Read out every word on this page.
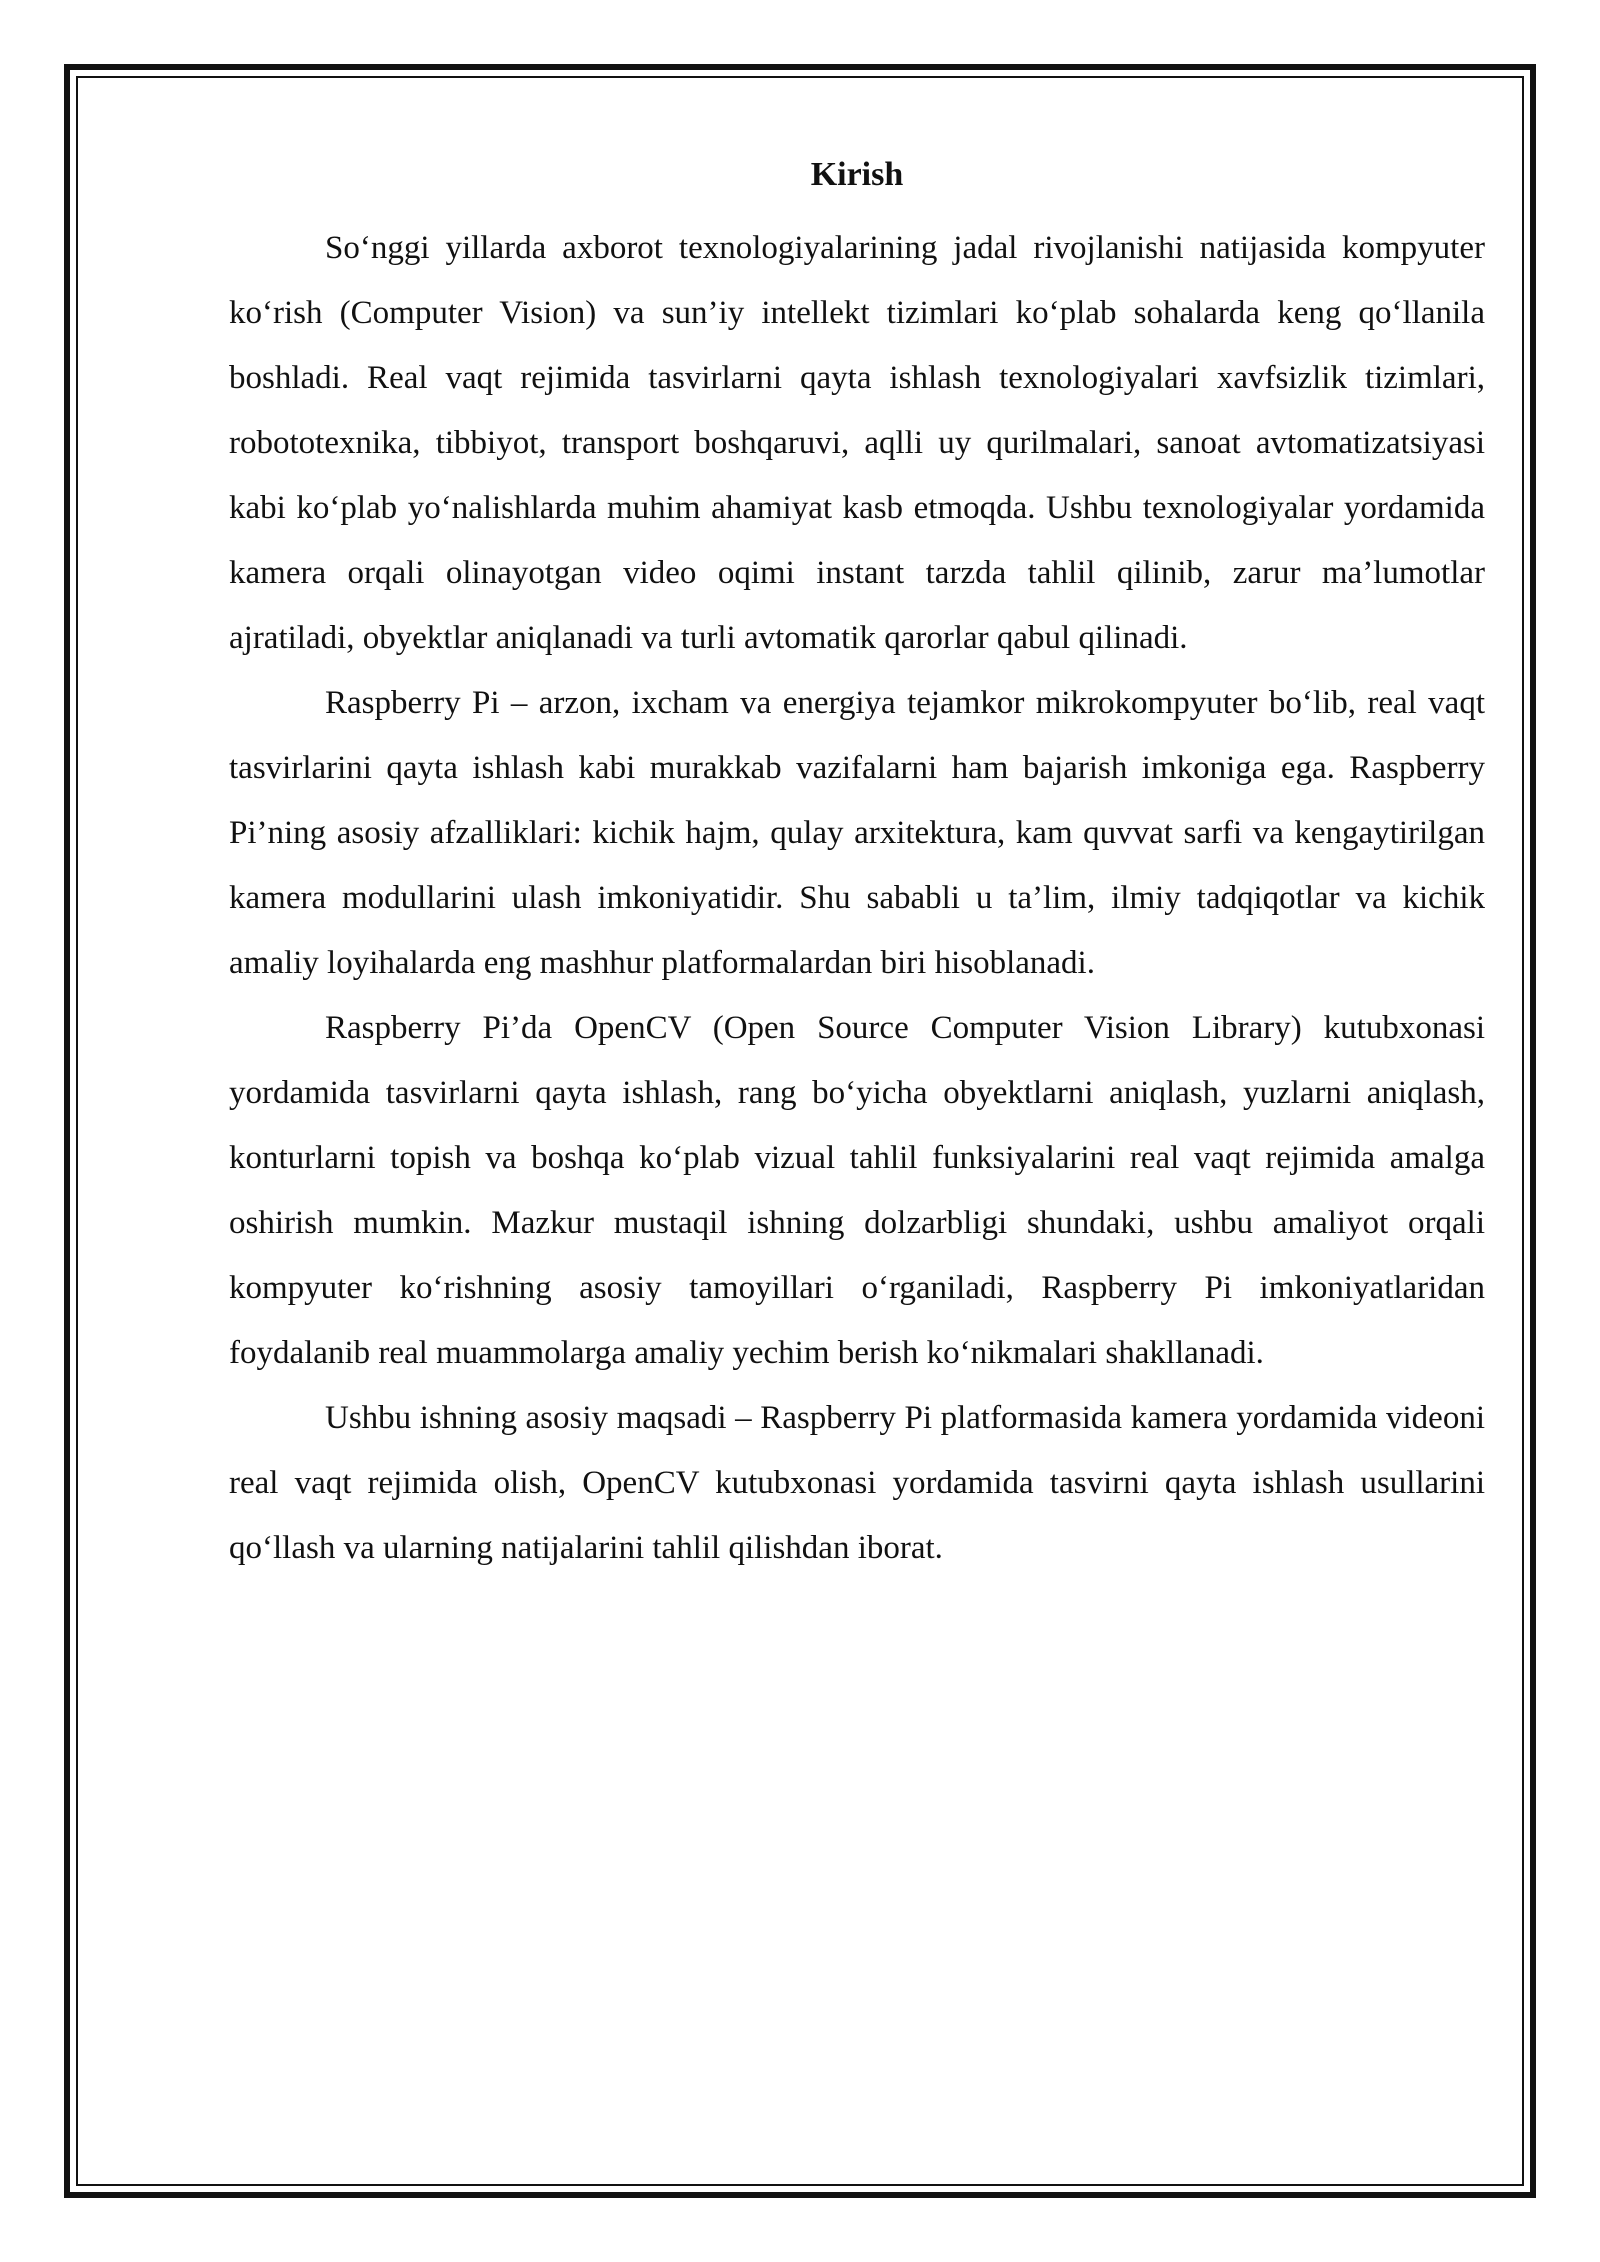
Kirish

So‘nggi yillarda axborot texnologiyalarining jadal rivojlanishi natijasida kompyuter ko‘rish (Computer Vision) va sun’iy intellekt tizimlari ko‘plab sohalarda keng qo‘llanila boshladi. Real vaqt rejimida tasvirlarni qayta ishlash texnologiyalari xavfsizlik tizimlari, robototexnika, tibbiyot, transport boshqaruvi, aqlli uy qurilmalari, sanoat avtomatizatsiyasi kabi ko‘plab yo‘nalishlarda muhim ahamiyat kasb etmoqda. Ushbu texnologiyalar yordamida kamera orqali olinayotgan video oqimi instant tarzda tahlil qilinib, zarur ma’lumotlar ajratiladi, obyektlar aniqlanadi va turli avtomatik qarorlar qabul qilinadi.

Raspberry Pi – arzon, ixcham va energiya tejamkor mikrokompyuter bo‘lib, real vaqt tasvirlarini qayta ishlash kabi murakkab vazifalarni ham bajarish imkoniga ega. Raspberry Pi’ning asosiy afzalliklari: kichik hajm, qulay arxitektura, kam quvvat sarfi va kengaytirilgan kamera modullarini ulash imkoniyatidir. Shu sababli u ta’lim, ilmiy tadqiqotlar va kichik amaliy loyihalarda eng mashhur platformalardan biri hisoblanadi.

Raspberry Pi’da OpenCV (Open Source Computer Vision Library) kutubxonasi yordamida tasvirlarni qayta ishlash, rang bo‘yicha obyektlarni aniqlash, yuzlarni aniqlash, konturlarni topish va boshqa ko‘plab vizual tahlil funksiyalarini real vaqt rejimida amalga oshirish mumkin. Mazkur mustaqil ishning dolzarbligi shundaki, ushbu amaliyot orqali kompyuter ko‘rishning asosiy tamoyillari o‘rganiladi, Raspberry Pi imkoniyatlaridan foydalanib real muammolarga amaliy yechim berish ko‘nikmalari shakllanadi.

Ushbu ishning asosiy maqsadi – Raspberry Pi platformasida kamera yordamida videoni real vaqt rejimida olish, OpenCV kutubxonasi yordamida tasvirni qayta ishlash usullarini qo‘llash va ularning natijalarini tahlil qilishdan iborat.
